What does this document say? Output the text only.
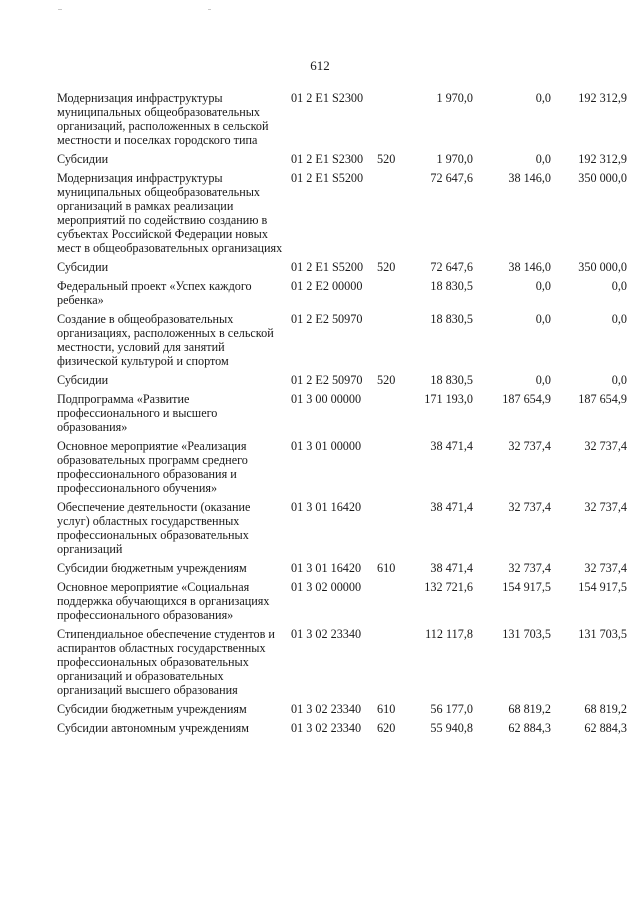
612
Модернизация инфраструктуры муниципальных общеобразовательных организаций, расположенных в сельской местности и поселках городского типа	01 2 E1 S2300		1 970,0	0,0	192 312,9
Субсидии	01 2 E1 S2300	520	1 970,0	0,0	192 312,9
Модернизация инфраструктуры муниципальных общеобразовательных организаций в рамках реализации мероприятий по содействию созданию в субъектах Российской Федерации новых мест в общеобразовательных организациях	01 2 E1 S5200		72 647,6	38 146,0	350 000,0
Субсидии	01 2 E1 S5200	520	72 647,6	38 146,0	350 000,0
Федеральный проект «Успех каждого ребенка»	01 2 E2 00000		18 830,5	0,0	0,0
Создание в общеобразовательных организациях, расположенных в сельской местности, условий для занятий физической культурой и спортом	01 2 E2 50970		18 830,5	0,0	0,0
Субсидии	01 2 E2 50970	520	18 830,5	0,0	0,0
Подпрограмма «Развитие профессионального и высшего образования»	01 3 00 00000		171 193,0	187 654,9	187 654,9
Основное мероприятие «Реализация образовательных программ среднего профессионального образования и профессионального обучения»	01 3 01 00000		38 471,4	32 737,4	32 737,4
Обеспечение деятельности (оказание услуг) областных государственных профессиональных образовательных организаций	01 3 01 16420		38 471,4	32 737,4	32 737,4
Субсидии бюджетным учреждениям	01 3 01 16420	610	38 471,4	32 737,4	32 737,4
Основное мероприятие «Социальная поддержка обучающихся в организациях профессионального образования»	01 3 02 00000		132 721,6	154 917,5	154 917,5
Стипендиальное обеспечение студентов и аспирантов областных государственных профессиональных образовательных организаций и образовательных организаций высшего образования	01 3 02 23340		112 117,8	131 703,5	131 703,5
Субсидии бюджетным учреждениям	01 3 02 23340	610	56 177,0	68 819,2	68 819,2
Субсидии автономным учреждениям	01 3 02 23340	620	55 940,8	62 884,3	62 884,3
